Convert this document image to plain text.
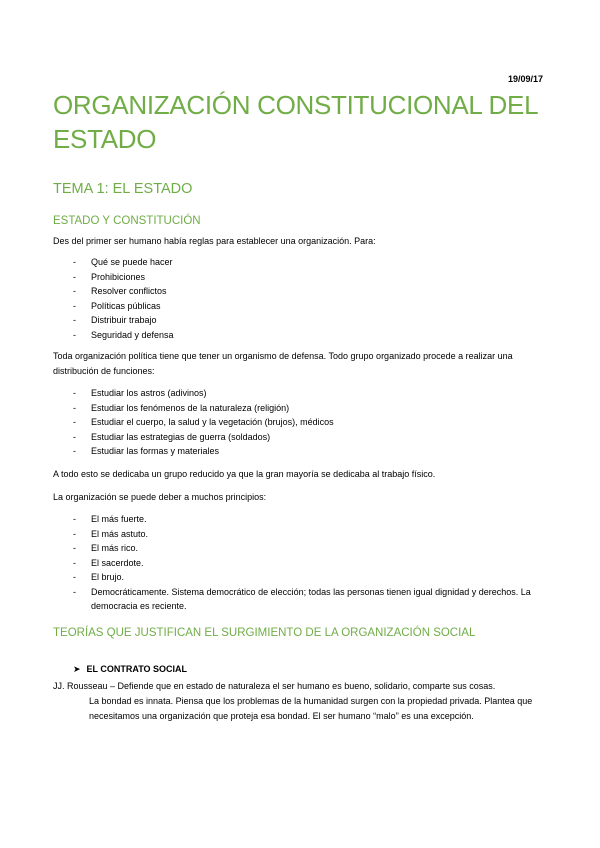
19/09/17
ORGANIZACIÓN CONSTITUCIONAL DEL ESTADO
TEMA 1: EL ESTADO
ESTADO Y CONSTITUCIÓN

Des del primer ser humano había reglas para establecer una organización. Para:

- Qué se puede hacer
- Prohibiciones
- Resolver conflictos
- Políticas públicas
- Distribuir trabajo
- Seguridad y defensa

Toda organización política tiene que tener un organismo de defensa. Todo grupo organizado procede a realizar una distribución de funciones:

- Estudiar los astros (adivinos)
- Estudiar los fenómenos de la naturaleza (religión)
- Estudiar el cuerpo, la salud y la vegetación (brujos), médicos
- Estudiar las estrategias de guerra (soldados)
- Estudiar las formas y materiales

A todo esto se dedicaba un grupo reducido ya que la gran mayoría se dedicaba al trabajo físico.

La organización se puede deber a muchos principios:

- El más fuerte.
- El más astuto.
- El más rico.
- El sacerdote.
- El brujo.
- Democráticamente. Sistema democrático de elección; todas las personas tienen igual dignidad y derechos. La democracia es reciente.
TEORÍAS QUE JUSTIFICAN EL SURGIMIENTO DE LA ORGANIZACIÓN SOCIAL
➤ EL CONTRATO SOCIAL

JJ. Rousseau – Defiende que en estado de naturaleza el ser humano es bueno, solidario, comparte sus cosas.
La bondad es innata. Piensa que los problemas de la humanidad surgen con la propiedad privada. Plantea que necesitamos una organización que proteja esa bondad. El ser humano “malo” es una excepción.
